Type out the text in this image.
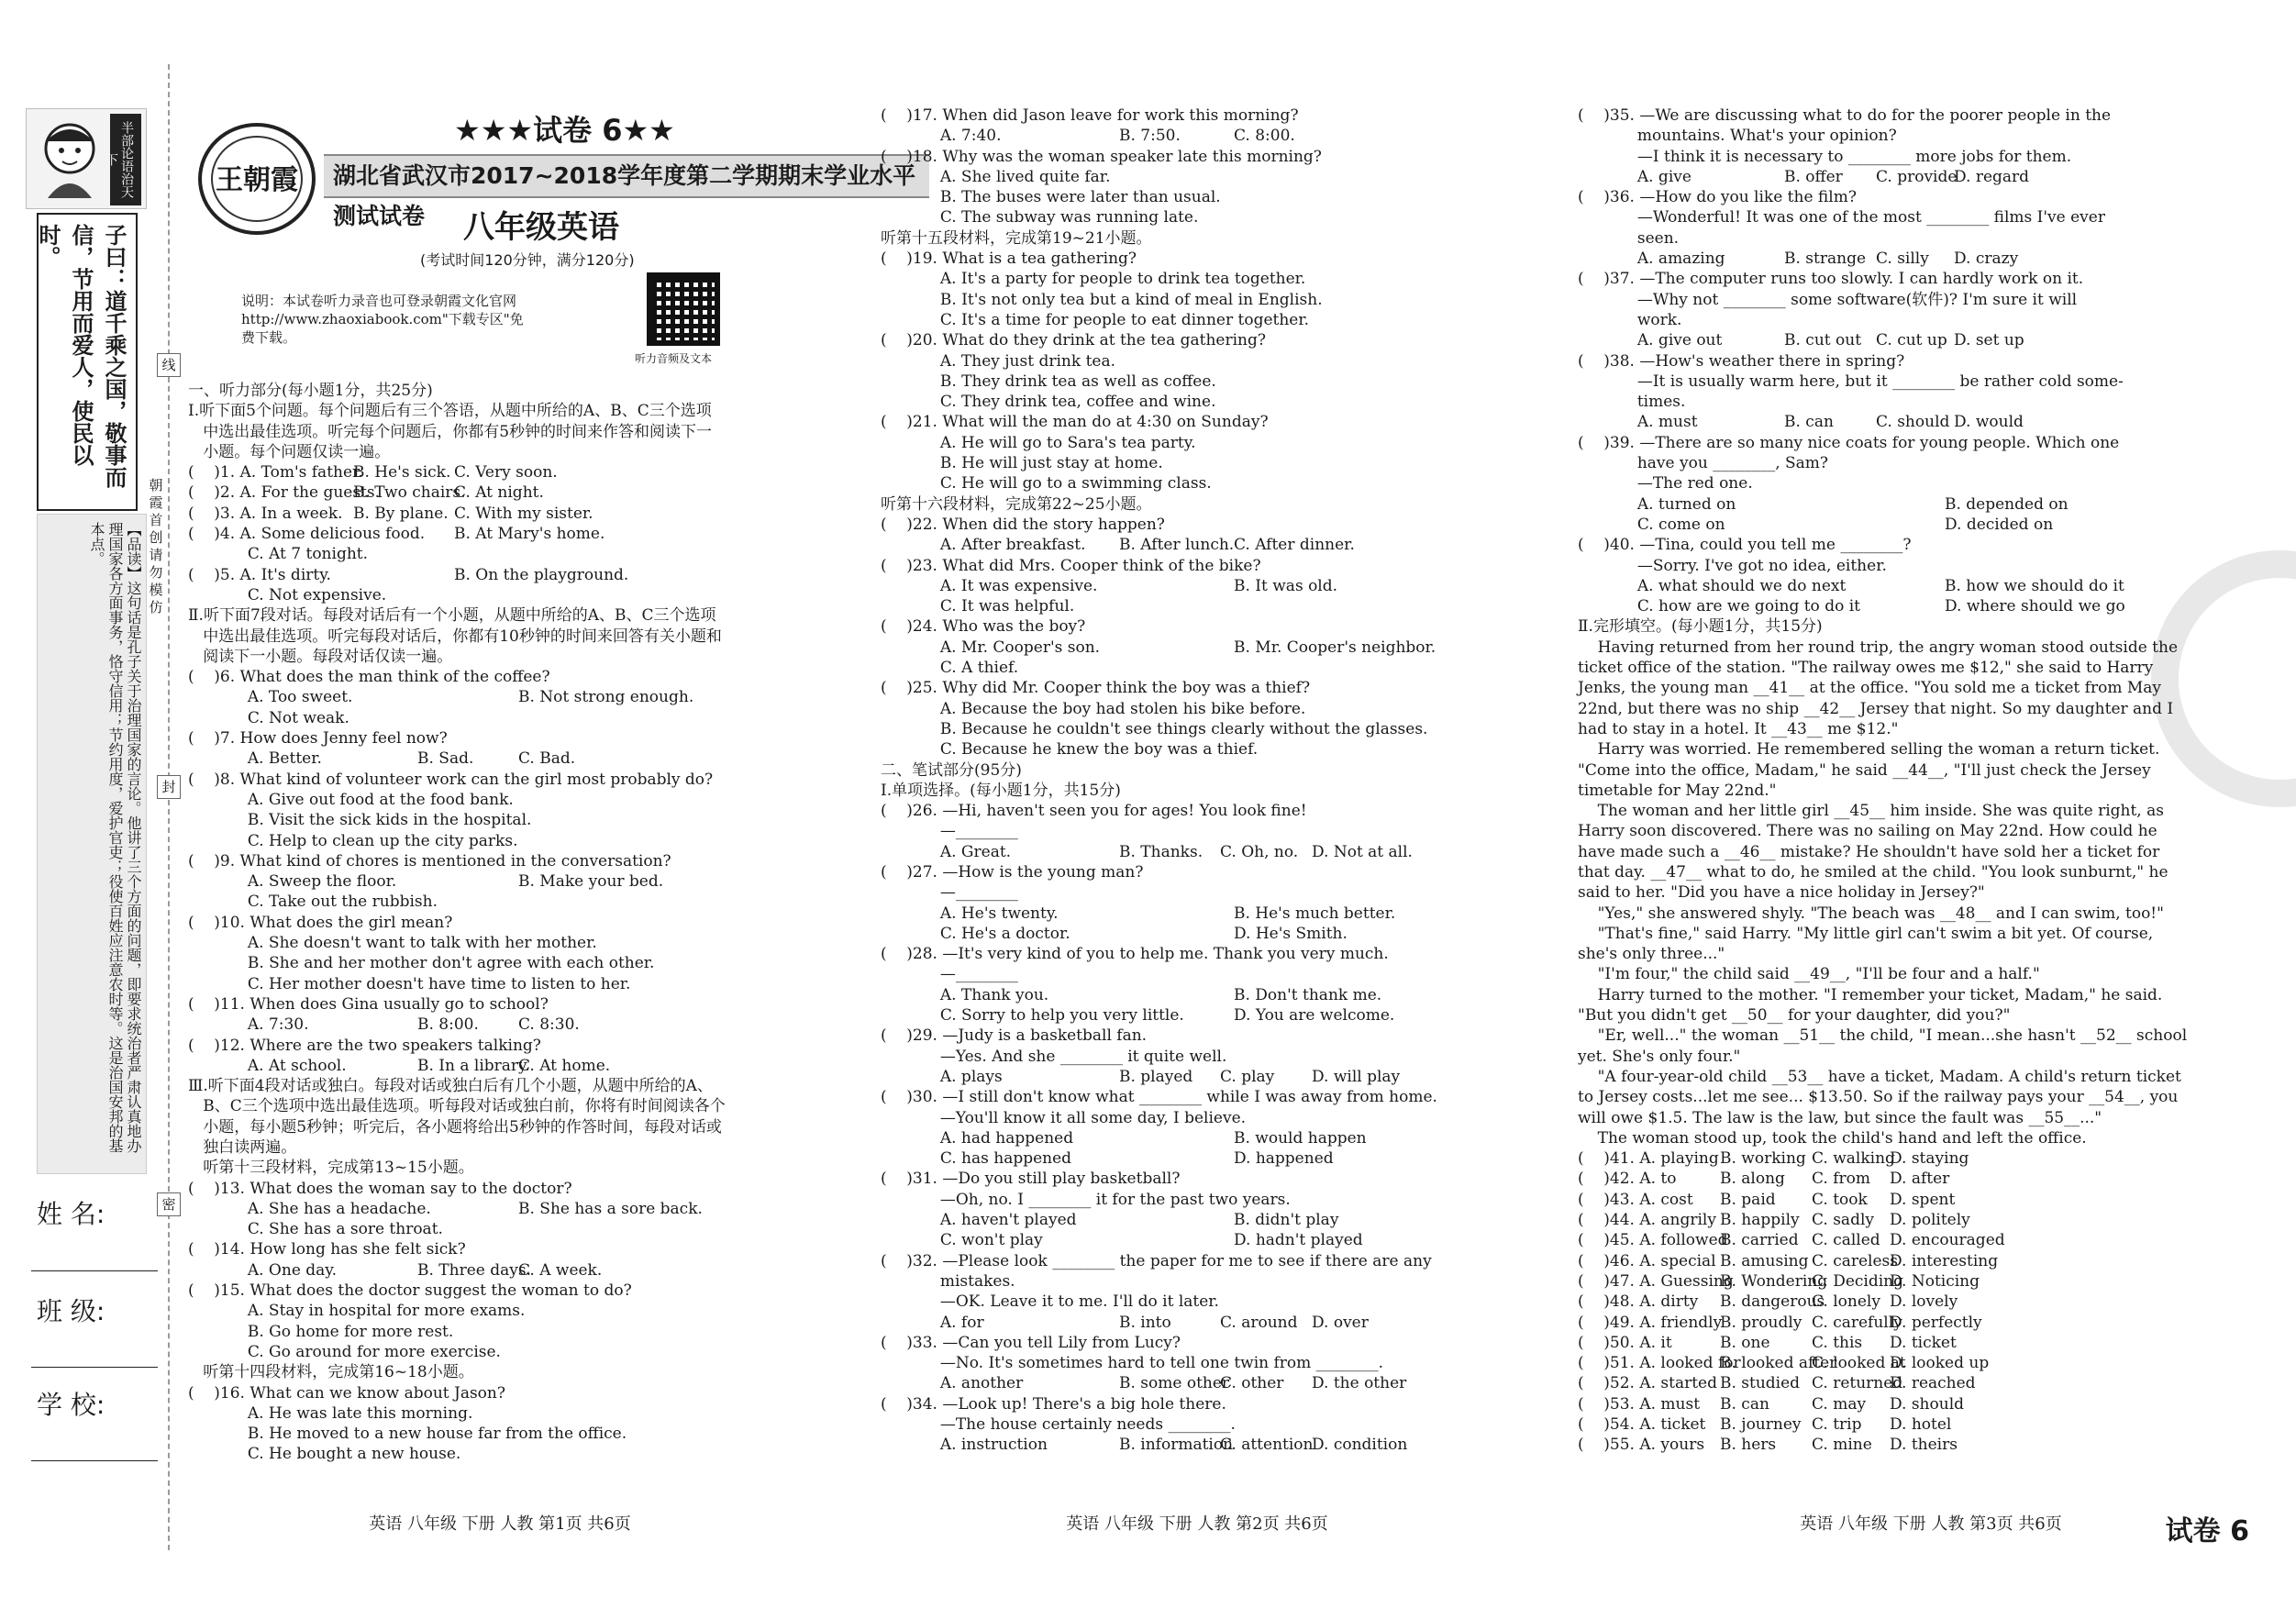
半部论语治天下
子曰：道千乘之国，敬事而信，节用而爱人，使民以时。
【品读】这句话是孔子关于治理国家的言论。他讲了三个方面的问题，即要求统治者严肃认真地办理国家各方面事务，恪守信用；节约用度，爱护官吏；役使百姓应注意农时等。这是治国安邦的基本点。
朝霞首创 请勿模仿
线
封
密
姓 名:
班 级:
学 校:
★★★试卷 6★★
王朝霞	湖北省武汉市2017~2018学年度第二学期期末学业水平测试试卷	八年级英语
(考试时间120分钟，满分120分)
说明：本试卷听力录音也可登录朝霞文化官网
http://www.zhaoxiabook.com"下载专区"免
费下载。
听力音频及文本
一、听力部分(每小题1分，共25分)
Ⅰ.听下面5个问题。每个问题后有三个答语，从题中所给的A、B、C三个选项
中选出最佳选项。听完每个问题后，你都有5秒钟的时间来作答和阅读下一
小题。每个问题仅读一遍。
(    )1. A. Tom's father.
B. He's sick. C. Very soon.
(    )2. A. For the guests.
B. Two chairs.
C. At night.
(    )3. A. In a week. B. By plane. C. With my sister.
(    )4. A. Some delicious food. B. At Mary's home.
C. At 7 tonight.
(    )5. A. It's dirty.	B. On the playground.
C. Not expensive.
Ⅱ.听下面7段对话。每段对话后有一个小题，从题中所给的A、B、C三个选项
中选出最佳选项。听完每段对话后，你都有10秒钟的时间来回答有关小题和
阅读下一小题。每段对话仅读一遍。
(    )6. What does the man think of the coffee?
A. Too sweet.	B. Not strong enough.
C. Not weak.
(    )7. How does Jenny feel now?
A. Better.	B. Sad.	C. Bad.
(    )8. What kind of volunteer work can the girl most probably do?
A. Give out food at the food bank.
B. Visit the sick kids in the hospital.
C. Help to clean up the city parks.
(    )9. What kind of chores is mentioned in the conversation?
A. Sweep the floor.	B. Make your bed.
C. Take out the rubbish.
(    )10. What does the girl mean?
A. She doesn't want to talk with her mother.
B. She and her mother don't agree with each other.
C. Her mother doesn't have time to listen to her.
(    )11. When does Gina usually go to school?
A. 7:30.	B. 8:00.	C. 8:30.
(    )12. Where are the two speakers talking?
A. At school.	B. In a library.
C. At home.
Ⅲ.听下面4段对话或独白。每段对话或独白后有几个小题，从题中所给的A、
B、C三个选项中选出最佳选项。听每段对话或独白前，你将有时间阅读各个
小题，每小题5秒钟；听完后，各小题将给出5秒钟的作答时间，每段对话或
独白读两遍。
听第十三段材料，完成第13~15小题。
(    )13. What does the woman say to the doctor?
A. She has a headache.	B. She has a sore back.
C. She has a sore throat.
(    )14. How long has she felt sick?
A. One day.	B. Three days.
C. A week.
(    )15. What does the doctor suggest the woman to do?
A. Stay in hospital for more exams.
B. Go home for more rest.
C. Go around for more exercise.
听第十四段材料，完成第16~18小题。
(    )16. What can we know about Jason?
A. He was late this morning.
B. He moved to a new house far from the office.
C. He bought a new house.
英语 八年级 下册 人教 第1页 共6页
(    )17. When did Jason leave for work this morning?
A. 7:40.	B. 7:50.	C. 8:00.
(    )18. Why was the woman speaker late this morning?
A. She lived quite far.
B. The buses were later than usual.
C. The subway was running late.
听第十五段材料，完成第19~21小题。
(    )19. What is a tea gathering?
A. It's a party for people to drink tea together.
B. It's not only tea but a kind of meal in English.
C. It's a time for people to eat dinner together.
(    )20. What do they drink at the tea gathering?
A. They just drink tea.
B. They drink tea as well as coffee.
C. They drink tea, coffee and wine.
(    )21. What will the man do at 4:30 on Sunday?
A. He will go to Sara's tea party.
B. He will just stay at home.
C. He will go to a swimming class.
听第十六段材料，完成第22~25小题。
(    )22. When did the story happen?
A. After breakfast. B. After lunch. C. After dinner.
(    )23. What did Mrs. Cooper think of the bike?
A. It was expensive.	B. It was old.
C. It was helpful.
(    )24. Who was the boy?
A. Mr. Cooper's son.	B. Mr. Cooper's neighbor.
C. A thief.
(    )25. Why did Mr. Cooper think the boy was a thief?
A. Because the boy had stolen his bike before.
B. Because he couldn't see things clearly without the glasses.
C. Because he knew the boy was a thief.
二、笔试部分(95分)
Ⅰ.单项选择。(每小题1分，共15分)
(    )26. —Hi, haven't seen you for ages! You look fine!
—________
A. Great.	B. Thanks. C. Oh, no. D. Not at all.
(    )27. —How is the young man?
—________
A. He's twenty.	B. He's much better.
C. He's a doctor.	D. He's Smith.
(    )28. —It's very kind of you to help me. Thank you very much.
—________
A. Thank you.	B. Don't thank me.
C. Sorry to help you very little.	D. You are welcome.
(    )29. —Judy is a basketball fan.
—Yes. And she ________ it quite well.
A. plays	B. played C. play D. will play
(    )30. —I still don't know what ________ while I was away from home.
—You'll know it all some day, I believe.
A. had happened	B. would happen
C. has happened	D. happened
(    )31. —Do you still play basketball?
—Oh, no. I ________ it for the past two years.
A. haven't played	B. didn't play
C. won't play	D. hadn't played
(    )32. —Please look ________ the paper for me to see if there are any
mistakes.
—OK. Leave it to me. I'll do it later.
A. for	B. into	C. around D. over
(    )33. —Can you tell Lily from Lucy?
—No. It's sometimes hard to tell one twin from ________.
A. another	B. some other
C. other D. the other
(    )34. —Look up! There's a big hole there.
—The house certainly needs ________.
A. instruction	B. information
C. attention
D. condition
英语 八年级 下册 人教 第2页 共6页
(    )35. —We are discussing what to do for the poorer people in the
mountains. What's your opinion?
—I think it is necessary to ________ more jobs for them.
A. give	B. offer C. provide
D. regard
(    )36. —How do you like the film?
—Wonderful! It was one of the most ________ films I've ever
seen.
A. amazing	B. strange C. silly D. crazy
(    )37. —The computer runs too slowly. I can hardly work on it.
—Why not ________ some software(软件)? I'm sure it will
work.
A. give out	B. cut out C. cut up D. set up
(    )38. —How's weather there in spring?
—It is usually warm here, but it ________ be rather cold some-
times.
A. must	B. can	C. should D. would
(    )39. —There are so many nice coats for young people. Which one
have you ________, Sam?
—The red one.
A. turned on	B. depended on
C. come on	D. decided on
(    )40. —Tina, could you tell me ________?
—Sorry. I've got no idea, either.
A. what should we do next	B. how we should do it
C. how are we going to do it	D. where should we go
Ⅱ.完形填空。(每小题1分，共15分)
Having returned from her round trip, the angry woman stood outside the
ticket office of the station. "The railway owes me $12," she said to Harry
Jenks, the young man __41__ at the office. "You sold me a ticket from May
22nd, but there was no ship __42__ Jersey that night. So my daughter and I
had to stay in a hotel. It __43__ me $12."
Harry was worried. He remembered selling the woman a return ticket.
"Come into the office, Madam," he said __44__, "I'll just check the Jersey
timetable for May 22nd."
The woman and her little girl __45__ him inside. She was quite right, as
Harry soon discovered. There was no sailing on May 22nd. How could he
have made such a __46__ mistake? He shouldn't have sold her a ticket for
that day. __47__ what to do, he smiled at the child. "You look sunburnt," he
said to her. "Did you have a nice holiday in Jersey?"
"Yes," she answered shyly. "The beach was __48__ and I can swim, too!"
"That's fine," said Harry. "My little girl can't swim a bit yet. Of course,
she's only three..."
"I'm four," the child said __49__, "I'll be four and a half."
Harry turned to the mother. "I remember your ticket, Madam," he said.
"But you didn't get __50__ for your daughter, did you?"
"Er, well..." the woman __51__ the child, "I mean...she hasn't __52__ school
yet. She's only four."
"A four-year-old child __53__ have a ticket, Madam. A child's return ticket
to Jersey costs...let me see... $13.50. So if the railway pays your __54__, you
will owe $1.5. The law is the law, but since the fault was __55__..."
The woman stood up, took the child's hand and left the office.
(    )41. A. playing B. working C. walking
D. staying
(    )42. A. to	B. along C. from D. after
(    )43. A. cost B. paid C. took D. spent
(    )44. A. angrily B. happily C. sadly D. politely
(    )45. A. followed
B. carried C. called D. encouraged
(    )46. A. special B. amusing C. careless
D. interesting
(    )47. A. Guessing
B. Wondering
C. Deciding
D. Noticing
(    )48. A. dirty B. dangerous
C. lonely D. lovely
(    )49. A. friendly
B. proudly C. carefully
D. perfectly
(    )50. A. it	B. one	C. this D. ticket
(    )51. A. looked for
B. looked after
C. looked at
D. looked up
(    )52. A. started B. studied C. returned
D. reached
(    )53. A. must B. can	C. may D. should
(    )54. A. ticket B. journey C. trip D. hotel
(    )55. A. yours B. hers C. mine D. theirs
英语 八年级 下册 人教 第3页 共6页	试卷 6
